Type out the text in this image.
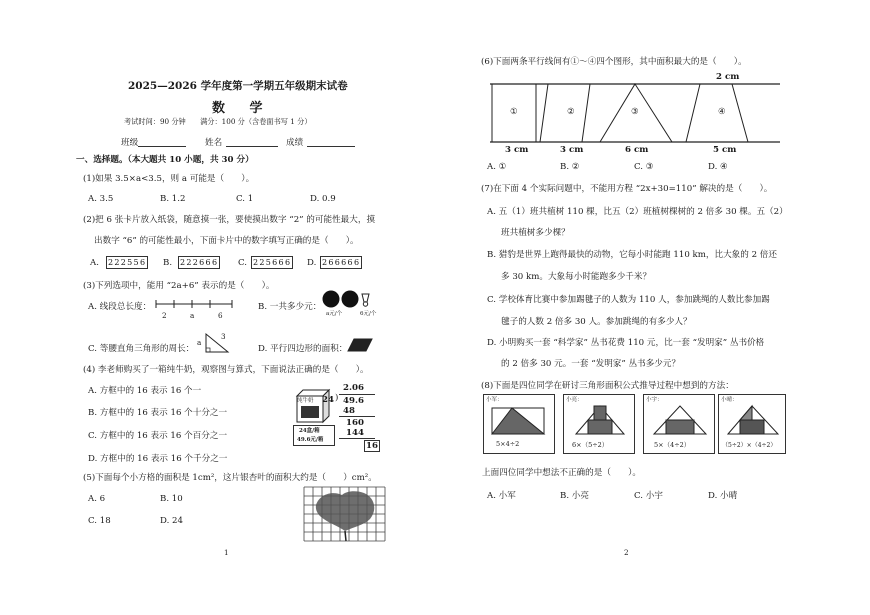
2025—2026 学年度第一学期五年级期末试卷
数 学
考试时间：90 分钟　　满分：100 分（含卷面书写 1 分）
班级	姓名	成绩
一、选择题。（本大题共 10 小题，共 30 分）
(1)如果 3.5×a<3.5，则 a 可能是（　　）。
A. 3.5	B. 1.2	C. 1	D. 0.9
(2)把 6 张卡片放入纸袋，随意摸一张，要使摸出数字 “2” 的可能性最大，摸
出数字 “6” 的可能性最小，下面卡片中的数字填写正确的是（　　）。
A. 222556 B. 222666 C. 225666 D. 266666
(3)下列选项中，能用 “2a+6” 表示的是（　　）。
A. 线段总长度：
2	a	6
B. 一共多少元：
a元/个	6元/个
C. 等腰直角三角形的周长：
a
3
D. 平行四边形的面积：
(4) 李老师购买了一箱纯牛奶，观察图与算式，下面说法正确的是（　　）。
A. 方框中的 16 表示 16 个一
B. 方框中的 16 表示 16 个十分之一
C. 方框中的 16 表示 16 个百分之一
D. 方框中的 16 表示 16 个千分之一
纯牛奶
24盒/箱
49.6元/箱
2.06
24 ) 49.6
48
160
144
16
(5)下面每个小方格的面积是 1cm²，这片银杏叶的面积大约是（　　）cm²。
A. 6	B. 10
C. 18	D. 24
1
(6)下面两条平行线间有①～④四个图形，其中面积最大的是（　　）。
2 cm
①	②	③	④
3 cm	3 cm	6 cm	5 cm
A. ①	B. ②	C. ③	D. ④
(7)在下面 4 个实际问题中，不能用方程 “2x+30=110” 解决的是（　　）。
A. 五（1）班共植树 110 棵，比五（2）班植树棵树的 2 倍多 30 棵。五（2）
班共植树多少棵？
B. 猎豹是世界上跑得最快的动物，它每小时能跑 110 km，比大象的 2 倍还
多 30 km。大象每小时能跑多少千米？
C. 学校体育比赛中参加踢毽子的人数为 110 人，参加跳绳的人数比参加踢
毽子的人数 2 倍多 30 人。参加跳绳的有多少人？
D. 小明购买一套 “科学家” 丛书花费 110 元，比一套 “发明家” 丛书价格
的 2 倍多 30 元。一套 “发明家” 丛书多少元？
(8)下面是四位同学在研讨三角形面积公式推导过程中想到的方法：
小军：
5×4÷2
小亮：
6×（5÷2）
小宇：
5×（4÷2）
小晴：
（5÷2）×（4÷2）
上面四位同学中想法不正确的是（　　）。
A. 小军	B. 小亮	C. 小宇	D. 小晴
2
